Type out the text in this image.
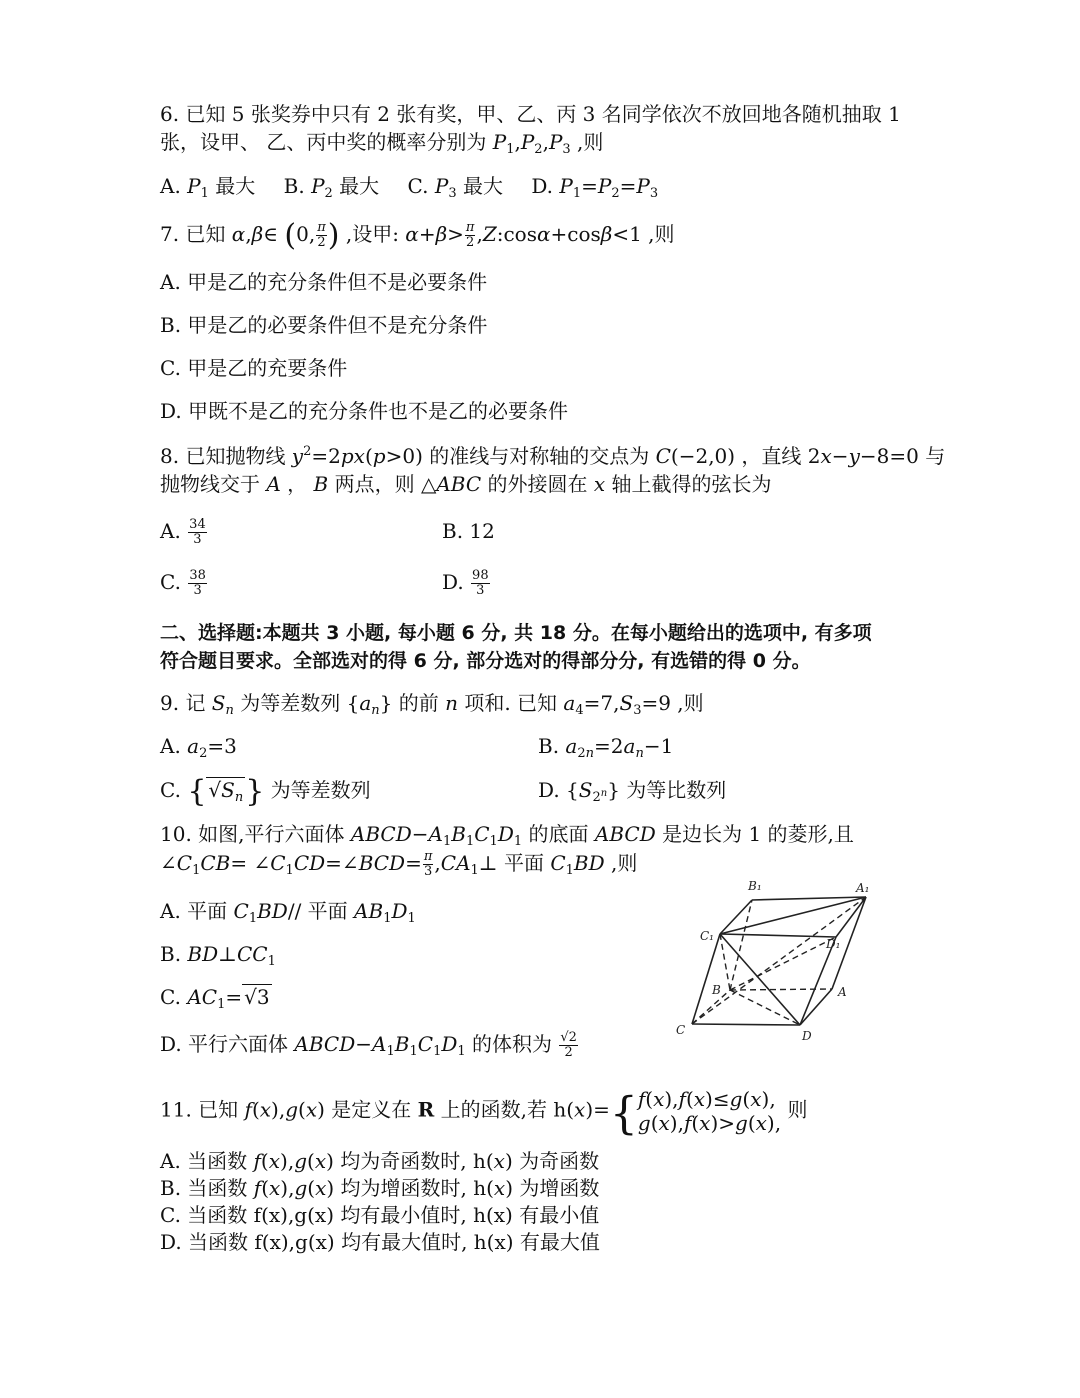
6. 已知 5 张奖券中只有 2 张有奖，甲、乙、丙 3 名同学依次不放回地各随机抽取 1
张，设甲、 乙、丙中奖的概率分别为 $P_1,P_2,P_3$ ,则
A. $P_1$ 最大 B. $P_2$ 最大 C. $P_3$ 最大 D. $P_1=P_2=P_3$
7. 已知 α,β∈ (0, $\frac{\pi}{2}$ ) ,设甲: $\alpha+\beta> \frac{\pi}{2}$ ,Z:cosα+cosβ<1 ,则
A. 甲是乙的充分条件但不是必要条件
B. 甲是乙的必要条件但不是充分条件
C. 甲是乙的充要条件
D. 甲既不是乙的充分条件也不是乙的必要条件
8. 已知抛物线 $y^2=2px(p>0)$ 的准线与对称轴的交点为 C(−2,0) ，直线 2x−y−8=0 与
抛物线交于 A ， B 两点，则 △ABC 的外接圆在 x 轴上截得的弦长为
A. $\frac{34}{3}$	B. 12
C. $\frac{38}{3}$	D. $\frac{98}{3}$
二、选择题:本题共 3 小题, 每小题 6 分, 共 18 分。在每小题给出的选项中, 有多项
符合题目要求。全部选对的得 6 分, 部分选对的得部分分, 有选错的得 0 分。
9. 记 $S_n$ 为等差数列 $\{a_n\}$ 的前 n 项和. 已知 $a_4=7,S_3=9$ ,则
A. $a_2=3$	B. $a_{2n}=2a_n-1$
C. { $√S_n$} 为等差数列	D. $\{S_{2^n}\}$ 为等比数列
10. 如图,平行六面体 $ABCD-A_1B_1C_1D_1$ 的底面 ABCD 是边长为 1 的菱形,且
$\angle C_1CB=$ $\angle C_1CD=\angle BCD= \frac{\pi}{3}$ $,CA_1\perp$ 平面 $C_1BD$ ,则
A. 平面 $C_1BD//$ 平面 $AB_1D_1$
B. $BD\perp CC_1$
C. $AC_1= √3$
D. 平行六面体 $ABCD-A_1B_1C_1D_1$ 的体积为 $\frac{√2}{2}$
B₁	A₁
C₁
D₁
B	A
C	D
11. 已知 f(x),g(x) 是定义在 R 上的函数,若 h(x)={ f(x),f(x)≤g(x),
g(x),f(x)>g(x),
则
A. 当函数 f(x),g(x) 均为奇函数时, h(x) 为奇函数
B. 当函数 f(x),g(x) 均为增函数时, h(x) 为增函数
C. 当函数 f(x),g(x) 均有最小值时, h(x) 有最小值
D. 当函数 f(x),g(x) 均有最大值时, h(x) 有最大值
